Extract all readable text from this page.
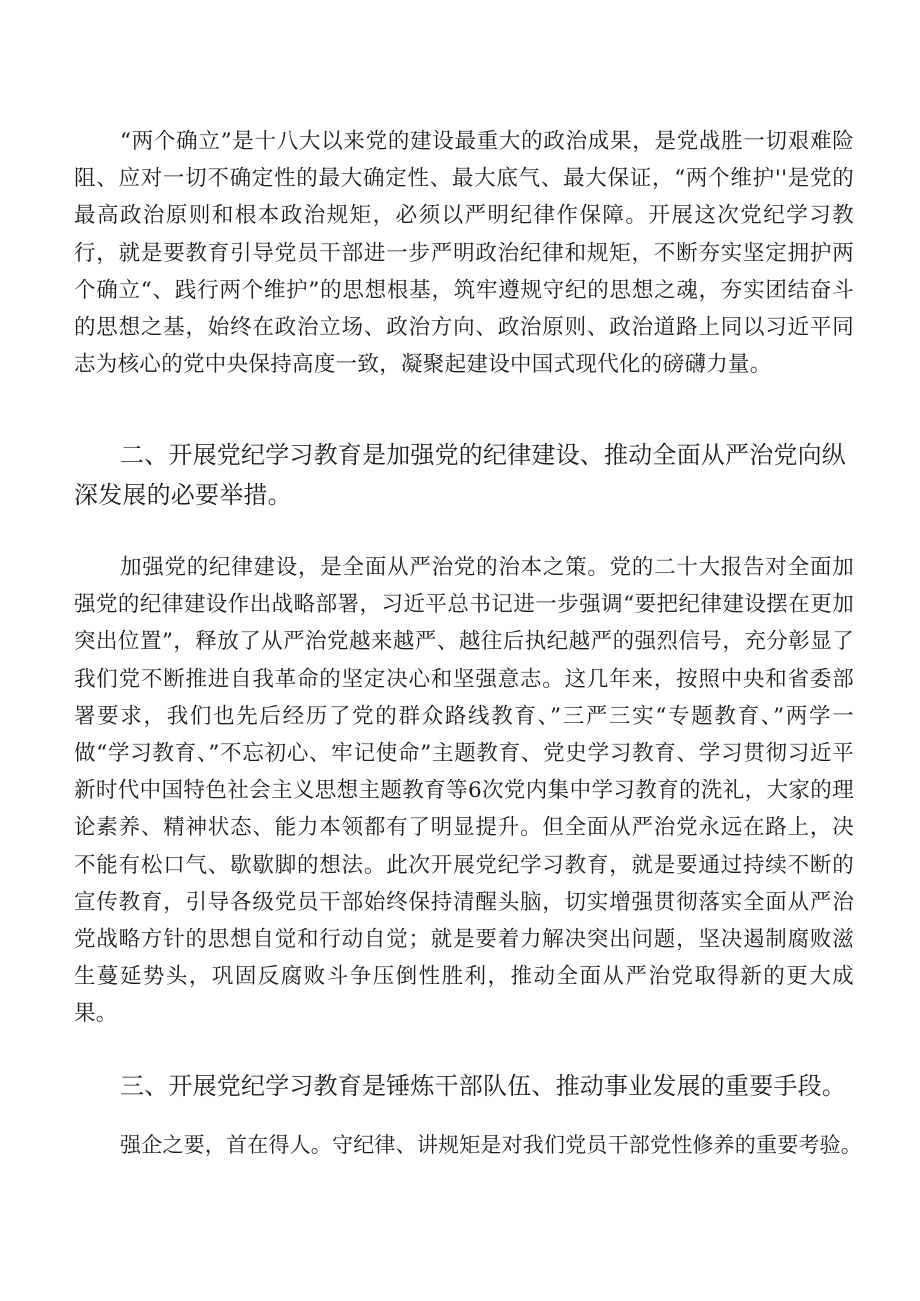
“两个确立”是十八大以来党的建设最重大的政治成果，是党战胜一切艰难险阻、应对一切不确定性的最大确定性、最大底气、最大保证，“两个维护''是党的最高政治原则和根本政治规矩，必须以严明纪律作保障。开展这次党纪学习教行，就是要教育引导党员干部进一步严明政治纪律和规矩，不断夯实坚定拥护两个确立“、践行两个维护”的思想根基，筑牢遵规守纪的思想之魂，夯实团结奋斗的思想之基，始终在政治立场、政治方向、政治原则、政治道路上同以习近平同志为核心的党中央保持高度一致，凝聚起建设中国式现代化的磅礴力量。

二、开展党纪学习教育是加强党的纪律建设、推动全面从严治党向纵深发展的必要举措。

加强党的纪律建设，是全面从严治党的治本之策。党的二十大报告对全面加强党的纪律建设作出战略部署，习近平总书记进一步强调“要把纪律建设摆在更加突出位置”，释放了从严治党越来越严、越往后执纪越严的强烈信号，充分彰显了我们党不断推进自我革命的坚定决心和坚强意志。这几年来，按照中央和省委部署要求，我们也先后经历了党的群众路线教育、”三严三实“专题教育、”两学一做“学习教育、”不忘初心、牢记使命”主题教育、党史学习教育、学习贯彻习近平新时代中国特色社会主义思想主题教育等6次党内集中学习教育的洗礼，大家的理论素养、精神状态、能力本领都有了明显提升。但全面从严治党永远在路上，决不能有松口气、歇歇脚的想法。此次开展党纪学习教育，就是要通过持续不断的宣传教育，引导各级党员干部始终保持清醒头脑，切实增强贯彻落实全面从严治党战略方针的思想自觉和行动自觉；就是要着力解决突出问题，坚决遏制腐败滋生蔓延势头，巩固反腐败斗争压倒性胜利，推动全面从严治党取得新的更大成果。

三、开展党纪学习教育是锤炼干部队伍、推动事业发展的重要手段。

强企之要，首在得人。守纪律、讲规矩是对我们党员干部党性修养的重要考验。
